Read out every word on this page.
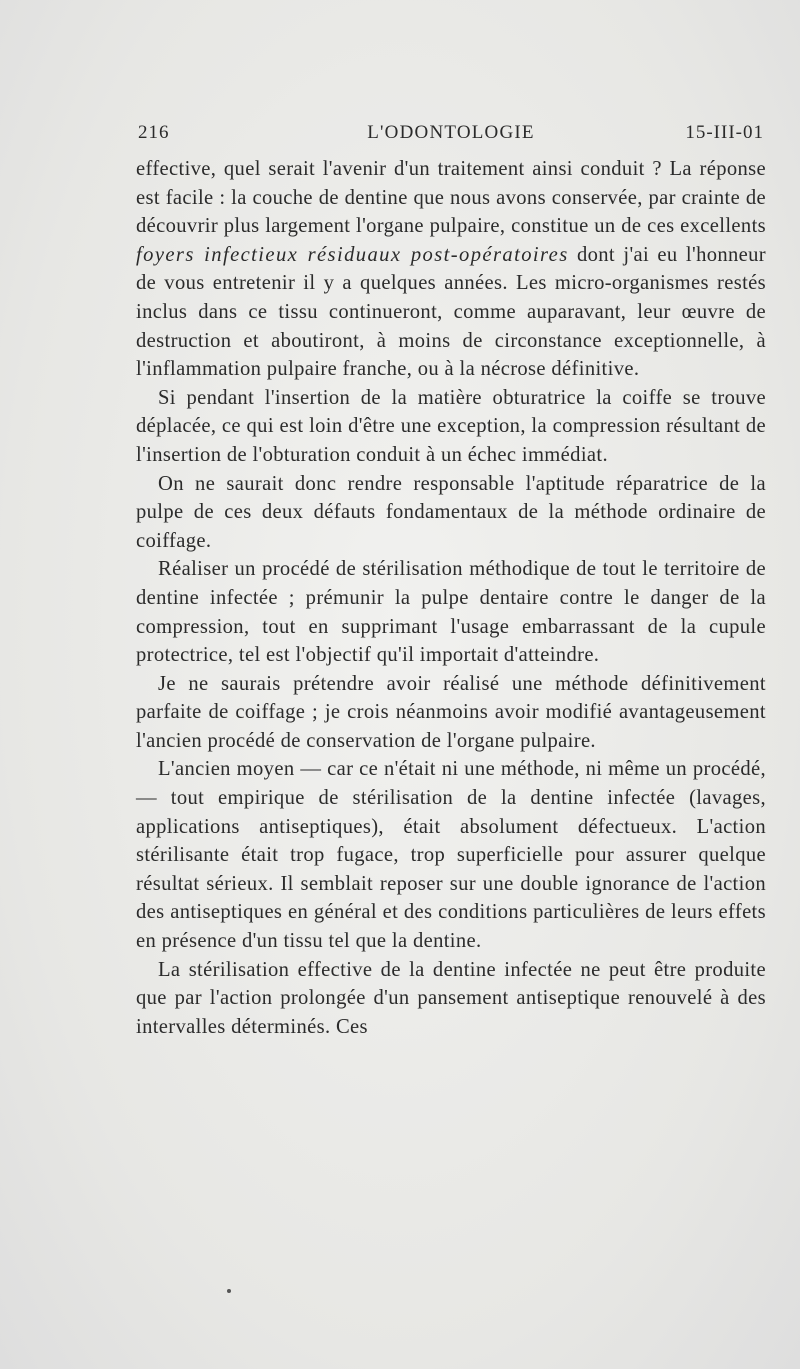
216	L'ODONTOLOGIE	15-III-01

effective, quel serait l'avenir d'un traitement ainsi conduit ? La réponse est facile : la couche de dentine que nous avons conservée, par crainte de découvrir plus largement l'organe pulpaire, constitue un de ces excellents foyers infectieux résiduaux post-opératoires dont j'ai eu l'honneur de vous entretenir il y a quelques années. Les micro-organismes restés inclus dans ce tissu continueront, comme auparavant, leur œuvre de destruction et aboutiront, à moins de circonstance exceptionnelle, à l'inflammation pulpaire franche, ou à la nécrose définitive.

Si pendant l'insertion de la matière obturatrice la coiffe se trouve déplacée, ce qui est loin d'être une exception, la compression résultant de l'insertion de l'obturation conduit à un échec immédiat.

On ne saurait donc rendre responsable l'aptitude réparatrice de la pulpe de ces deux défauts fondamentaux de la méthode ordinaire de coiffage.

Réaliser un procédé de stérilisation méthodique de tout le territoire de dentine infectée ; prémunir la pulpe dentaire contre le danger de la compression, tout en supprimant l'usage embarrassant de la cupule protectrice, tel est l'objectif qu'il importait d'atteindre.

Je ne saurais prétendre avoir réalisé une méthode définitivement parfaite de coiffage ; je crois néanmoins avoir modifié avantageusement l'ancien procédé de conservation de l'organe pulpaire.

L'ancien moyen — car ce n'était ni une méthode, ni même un procédé, — tout empirique de stérilisation de la dentine infectée (lavages, applications antiseptiques), était absolument défectueux. L'action stérilisante était trop fugace, trop superficielle pour assurer quelque résultat sérieux. Il semblait reposer sur une double ignorance de l'action des antiseptiques en général et des conditions particulières de leurs effets en présence d'un tissu tel que la dentine.

La stérilisation effective de la dentine infectée ne peut être produite que par l'action prolongée d'un pansement antiseptique renouvelé à des intervalles déterminés. Ces
